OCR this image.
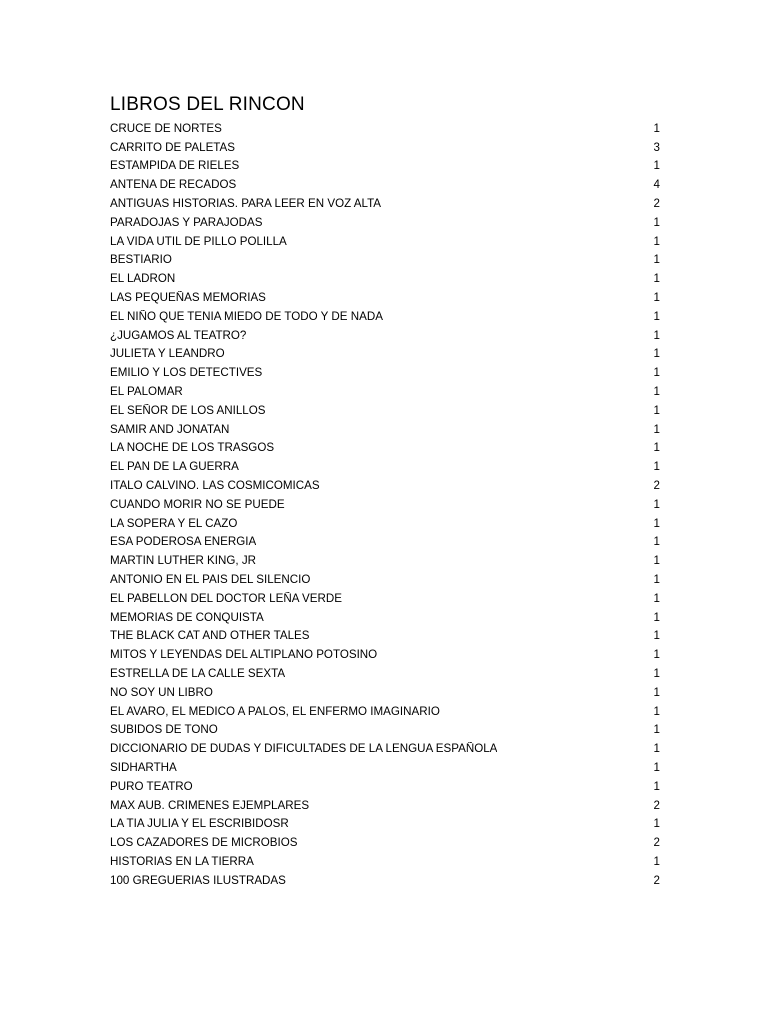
LIBROS DEL RINCON
CRUCE DE NORTES	1
CARRITO DE PALETAS	3
ESTAMPIDA DE RIELES	1
ANTENA DE RECADOS	4
ANTIGUAS HISTORIAS. PARA LEER EN VOZ ALTA	2
PARADOJAS Y PARAJODAS	1
LA VIDA UTIL DE PILLO POLILLA	1
BESTIARIO	1
EL LADRON	1
LAS PEQUEÑAS MEMORIAS	1
EL NIÑO QUE TENIA MIEDO DE TODO Y DE NADA	1
¿JUGAMOS AL TEATRO?	1
JULIETA Y LEANDRO	1
EMILIO Y LOS DETECTIVES	1
EL PALOMAR	1
EL SEÑOR DE LOS ANILLOS	1
SAMIR AND JONATAN	1
LA NOCHE DE LOS TRASGOS	1
EL PAN DE LA GUERRA	1
ITALO CALVINO. LAS COSMICOMICAS	2
CUANDO MORIR NO SE PUEDE	1
LA SOPERA Y EL CAZO	1
ESA PODEROSA ENERGIA	1
MARTIN LUTHER KING, JR	1
ANTONIO EN EL PAIS DEL SILENCIO	1
EL PABELLON DEL DOCTOR LEÑA VERDE	1
MEMORIAS DE CONQUISTA	1
THE BLACK CAT AND OTHER TALES	1
MITOS Y LEYENDAS DEL ALTIPLANO POTOSINO	1
ESTRELLA DE LA CALLE SEXTA	1
NO SOY UN LIBRO	1
EL AVARO, EL MEDICO A PALOS, EL ENFERMO IMAGINARIO	1
SUBIDOS DE TONO	1
DICCIONARIO DE DUDAS Y DIFICULTADES DE LA LENGUA ESPAÑOLA	1
SIDHARTHA	1
PURO TEATRO	1
MAX AUB. CRIMENES EJEMPLARES	2
LA TIA JULIA Y EL ESCRIBIDOSR	1
LOS CAZADORES DE MICROBIOS	2
HISTORIAS EN LA TIERRA	1
100 GREGUERIAS ILUSTRADAS	2
